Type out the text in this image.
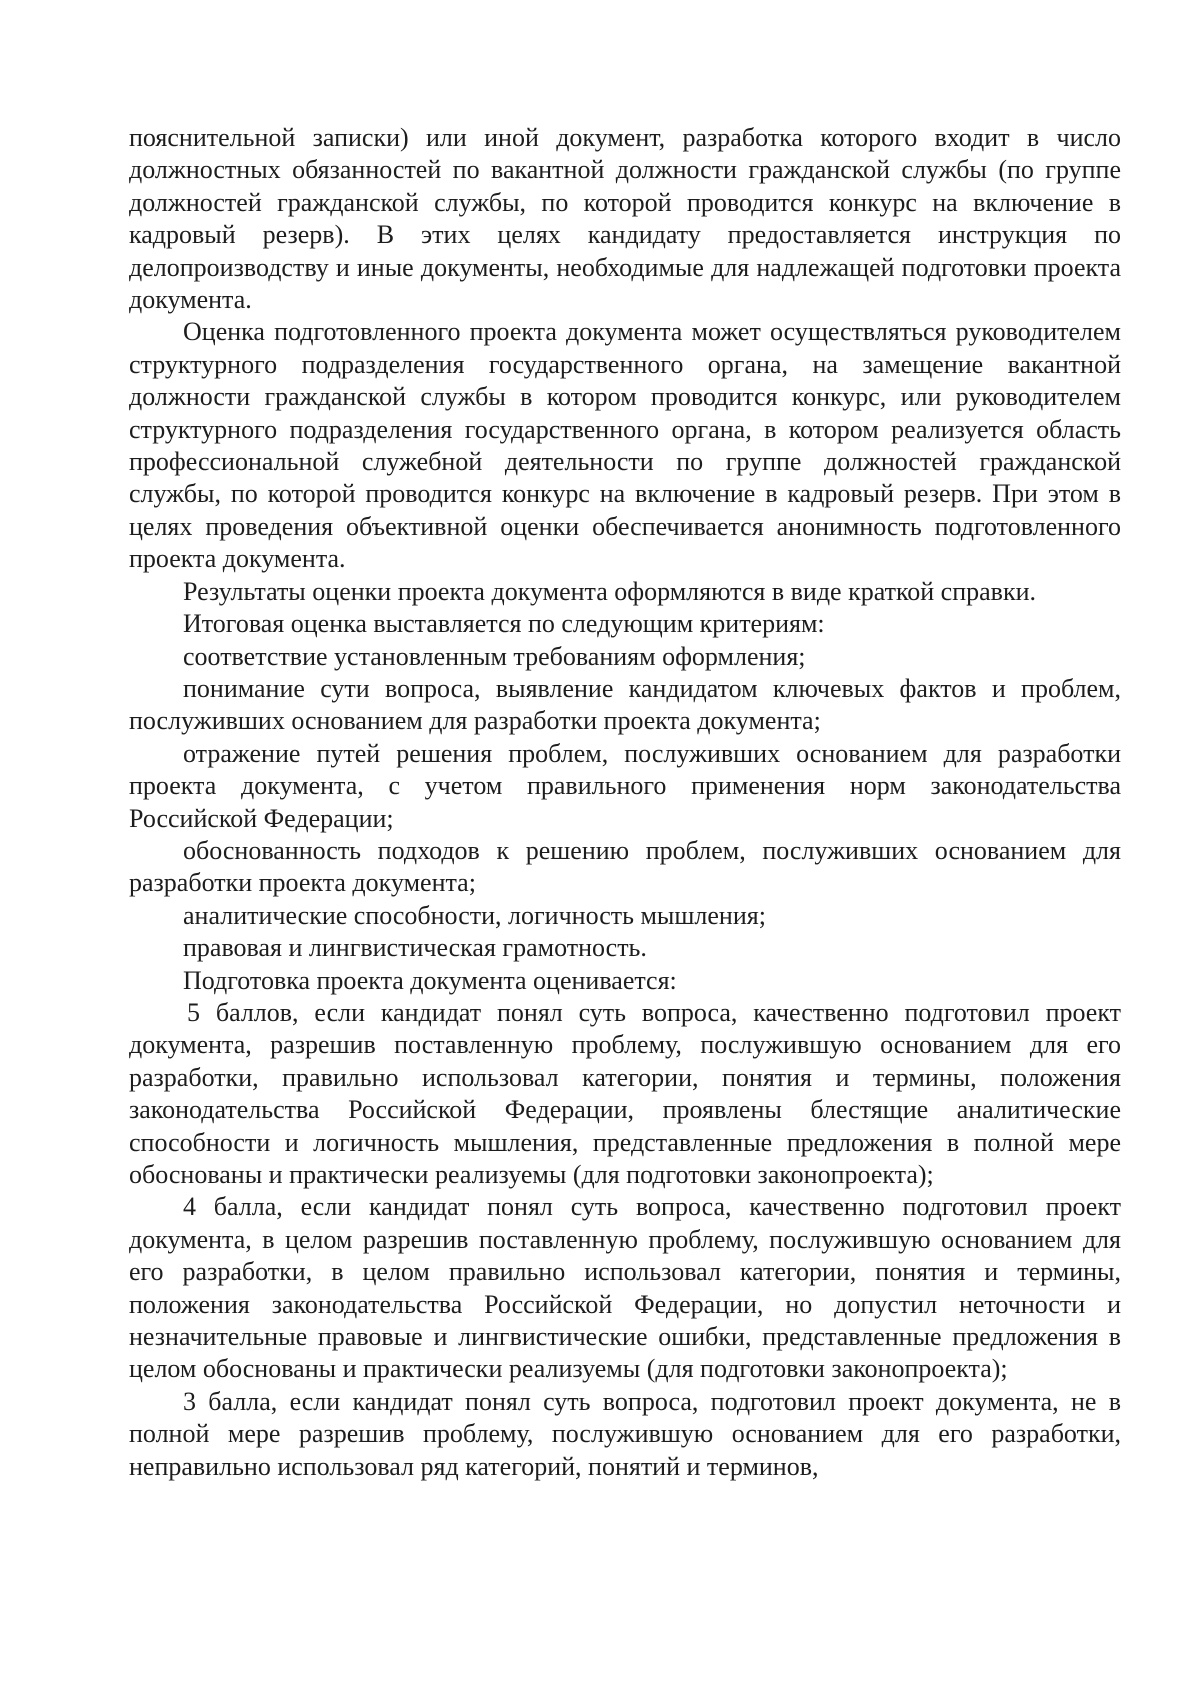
пояснительной записки) или иной документ, разработка которого входит в число должностных обязанностей по вакантной должности гражданской службы (по группе должностей гражданской службы, по которой проводится конкурс на включение в кадровый резерв). В этих целях кандидату предоставляется инструкция по делопроизводству и иные документы, необходимые для надлежащей подготовки проекта документа.

Оценка подготовленного проекта документа может осуществляться руководителем структурного подразделения государственного органа, на замещение вакантной должности гражданской службы в котором проводится конкурс, или руководителем структурного подразделения государственного органа, в котором реализуется область профессиональной служебной деятельности по группе должностей гражданской службы, по которой проводится конкурс на включение в кадровый резерв. При этом в целях проведения объективной оценки обеспечивается анонимность подготовленного проекта документа.

Результаты оценки проекта документа оформляются в виде краткой справки.

Итоговая оценка выставляется по следующим критериям:

соответствие установленным требованиям оформления;

понимание сути вопроса, выявление кандидатом ключевых фактов и проблем, послуживших основанием для разработки проекта документа;

отражение путей решения проблем, послуживших основанием для разработки проекта документа, с учетом правильного применения норм законодательства Российской Федерации;

обоснованность подходов к решению проблем, послуживших основанием для разработки проекта документа;

аналитические способности, логичность мышления;

правовая и лингвистическая грамотность.

Подготовка проекта документа оценивается:

5 баллов, если кандидат понял суть вопроса, качественно подготовил проект документа, разрешив поставленную проблему, послужившую основанием для его разработки, правильно использовал категории, понятия и термины, положения законодательства Российской Федерации, проявлены блестящие аналитические способности и логичность мышления, представленные предложения в полной мере обоснованы и практически реализуемы (для подготовки законопроекта);

4 балла, если кандидат понял суть вопроса, качественно подготовил проект документа, в целом разрешив поставленную проблему, послужившую основанием для его разработки, в целом правильно использовал категории, понятия и термины, положения законодательства Российской Федерации, но допустил неточности и незначительные правовые и лингвистические ошибки, представленные предложения в целом обоснованы и практически реализуемы (для подготовки законопроекта);

3 балла, если кандидат понял суть вопроса, подготовил проект документа, не в полной мере разрешив проблему, послужившую основанием для его разработки, неправильно использовал ряд категорий, понятий и терминов,
